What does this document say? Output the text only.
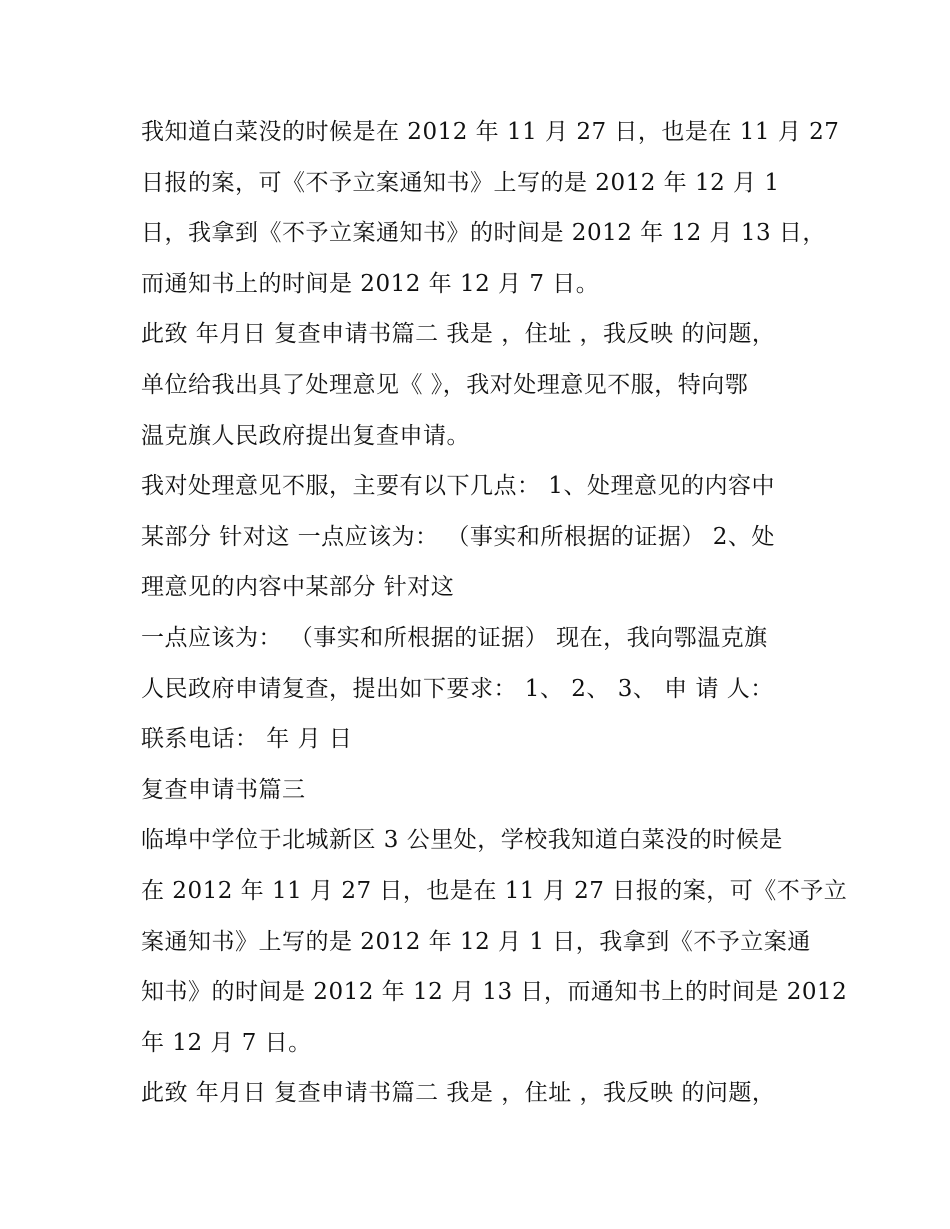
我知道白菜没的时候是在 2012 年 11 月 27 日，也是在 11 月 27
日报的案，可《不予立案通知书》上写的是 2012 年 12 月 1
日，我拿到《不予立案通知书》的时间是 2012 年 12 月 13 日，
而通知书上的时间是 2012 年 12 月 7 日。
此致 年月日 复查申请书篇二 我是 ，住址 ，我反映 的问题，
单位给我出具了处理意见《 》，我对处理意见不服，特向鄂
温克旗人民政府提出复查申请。
我对处理意见不服，主要有以下几点： 1、处理意见的内容中
某部分 针对这 一点应该为： （事实和所根据的证据） 2、处
理意见的内容中某部分 针对这
一点应该为： （事实和所根据的证据） 现在，我向鄂温克旗
人民政府申请复查，提出如下要求： 1、 2、 3、 申 请 人：
联系电话： 年 月 日
复查申请书篇三
临埠中学位于北城新区 3 公里处，学校我知道白菜没的时候是
在 2012 年 11 月 27 日，也是在 11 月 27 日报的案，可《不予立
案通知书》上写的是 2012 年 12 月 1 日，我拿到《不予立案通
知书》的时间是 2012 年 12 月 13 日，而通知书上的时间是 2012
年 12 月 7 日。
此致 年月日 复查申请书篇二 我是 ，住址 ，我反映 的问题，
